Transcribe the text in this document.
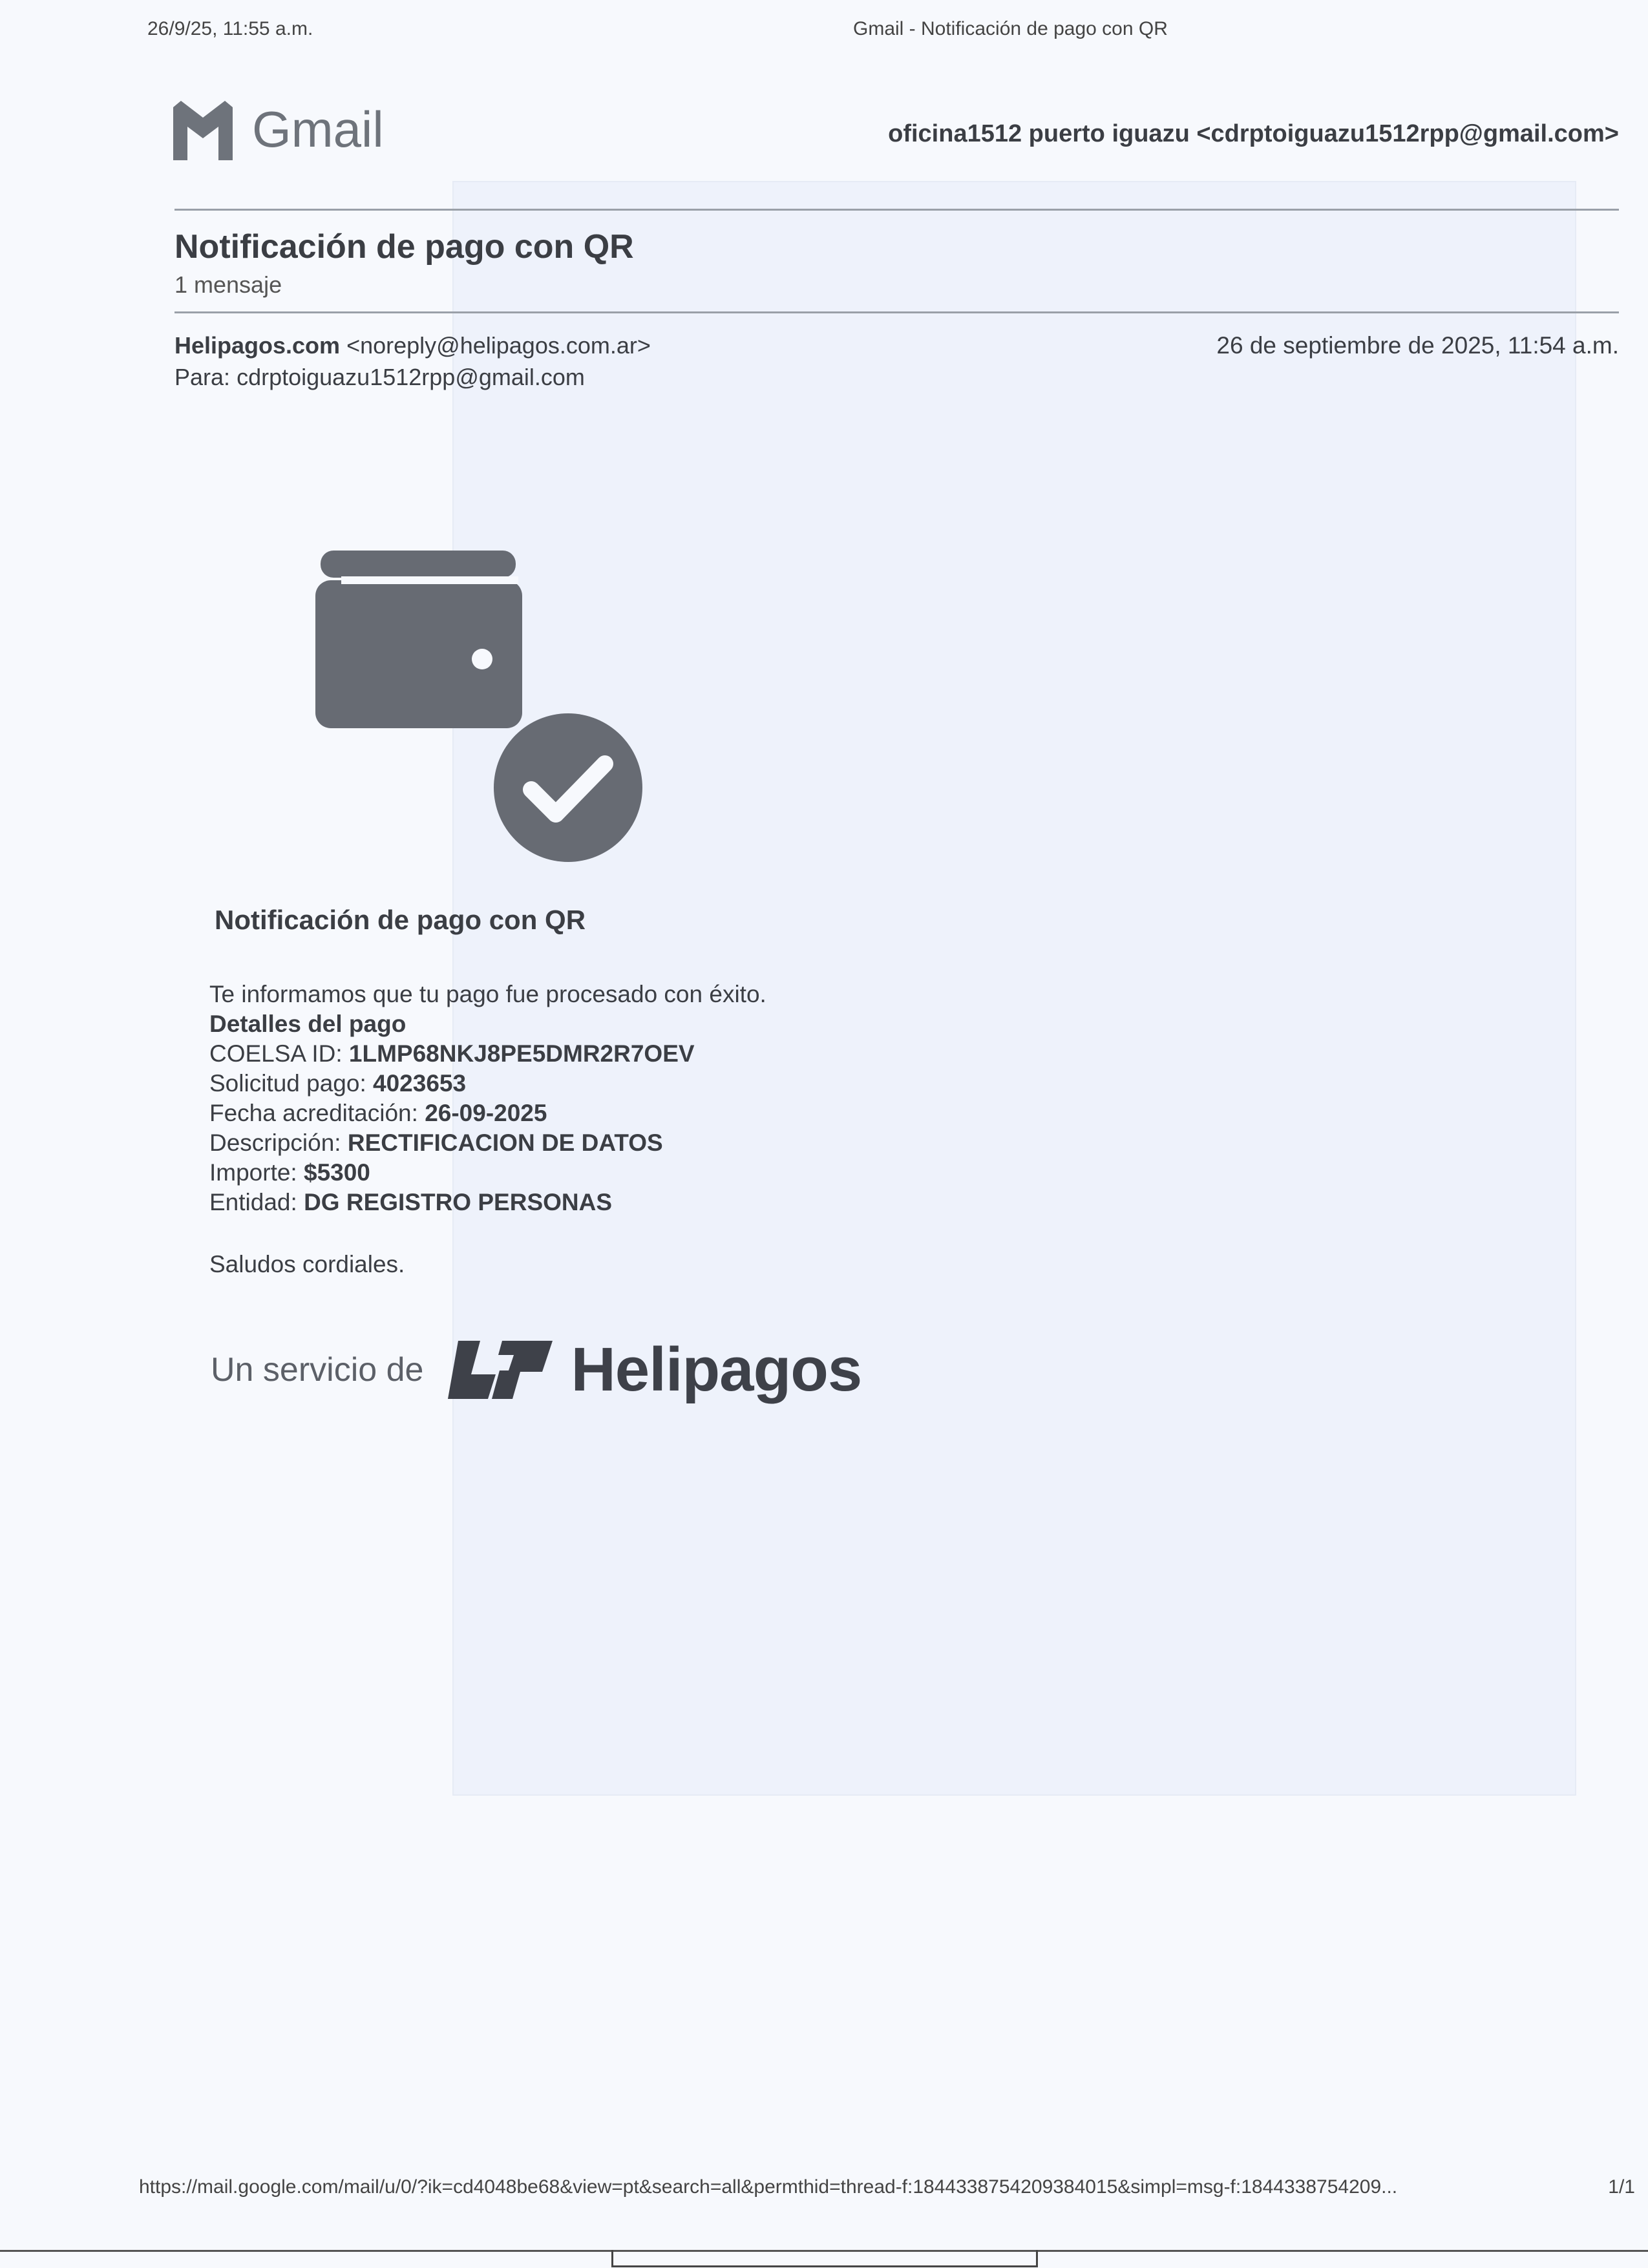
26/9/25, 11:55 a.m.	Gmail - Notificación de pago con QR
Gmail	oficina1512 puerto iguazu <cdrptoiguazu1512rpp@gmail.com>
Notificación de pago con QR
1 mensaje
Helipagos.com <noreply@helipagos.com.ar>	26 de septiembre de 2025, 11:54 a.m.
Para: cdrptoiguazu1512rpp@gmail.com
Notificación de pago con QR
Te informamos que tu pago fue procesado con éxito.
Detalles del pago
COELSA ID: 1LMP68NKJ8PE5DMR2R7OEV
Solicitud pago: 4023653
Fecha acreditación: 26-09-2025
Descripción: RECTIFICACION DE DATOS
Importe: $5300
Entidad: DG REGISTRO PERSONAS
Saludos cordiales.
Un servicio de Helipagos
https://mail.google.com/mail/u/0/?ik=cd4048be68&view=pt&search=all&permthid=thread-f:1844338754209384015&simpl=msg-f:1844338754209...	1/1
